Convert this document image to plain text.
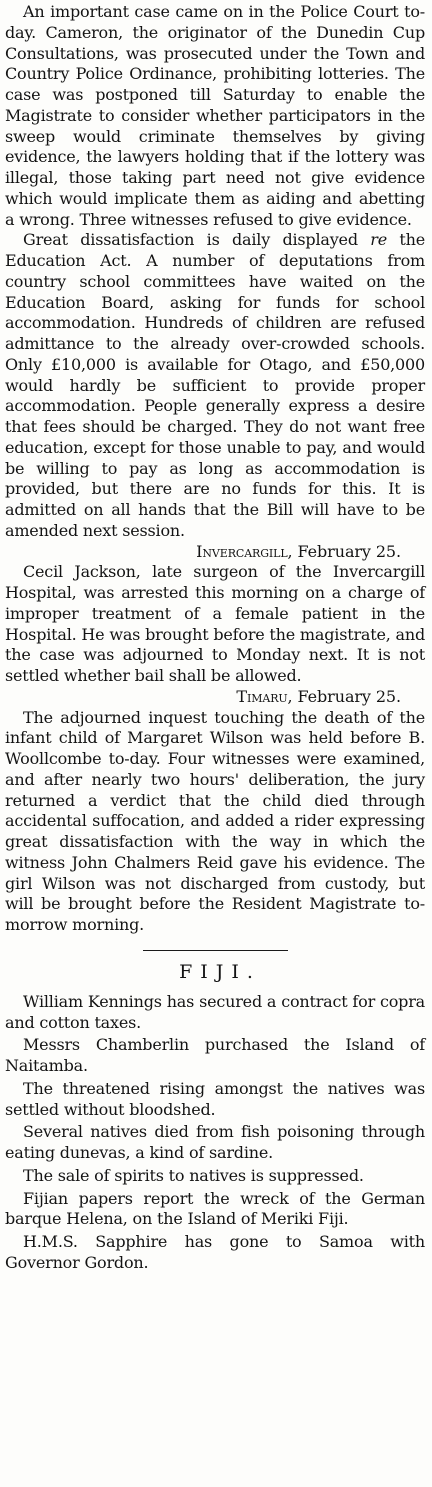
An important case came on in the Police Court to-day. Cameron, the originator of the Dunedin Cup Consultations, was prosecuted under the Town and Country Police Ordinance, prohibiting lotteries. The case was postponed till Saturday to enable the Magistrate to consider whether participators in the sweep would criminate themselves by giving evidence, the lawyers holding that if the lottery was illegal, those taking part need not give evidence which would implicate them as aiding and abetting a wrong. Three witnesses refused to give evidence.

Great dissatisfaction is daily displayed re the Education Act. A number of deputations from country school committees have waited on the Education Board, asking for funds for school accommodation. Hundreds of children are refused admittance to the already over-crowded schools. Only £10,000 is available for Otago, and £50,000 would hardly be sufficient to provide proper accommodation. People generally express a desire that fees should be charged. They do not want free education, except for those unable to pay, and would be willing to pay as long as accommodation is provided, but there are no funds for this. It is admitted on all hands that the Bill will have to be amended next session.

Invercargill, February 25.

Cecil Jackson, late surgeon of the Invercargill Hospital, was arrested this morning on a charge of improper treatment of a female patient in the Hospital. He was brought before the magistrate, and the case was adjourned to Monday next. It is not settled whether bail shall be allowed.

Timaru, February 25.

The adjourned inquest touching the death of the infant child of Margaret Wilson was held before B. Woollcombe to-day. Four witnesses were examined, and after nearly two hours' deliberation, the jury returned a verdict that the child died through accidental suffocation, and added a rider expressing great dissatisfaction with the way in which the witness John Chalmers Reid gave his evidence. The girl Wilson was not discharged from custody, but will be brought before the Resident Magistrate to-morrow morning.

FIJI.

William Kennings has secured a contract for copra and cotton taxes.

Messrs Chamberlin purchased the Island of Naitamba.

The threatened rising amongst the natives was settled without bloodshed.

Several natives died from fish poisoning through eating dunevas, a kind of sardine.

The sale of spirits to natives is suppressed.

Fijian papers report the wreck of the German barque Helena, on the Island of Meriki Fiji.

H.M.S. Sapphire has gone to Samoa with Governor Gordon.
